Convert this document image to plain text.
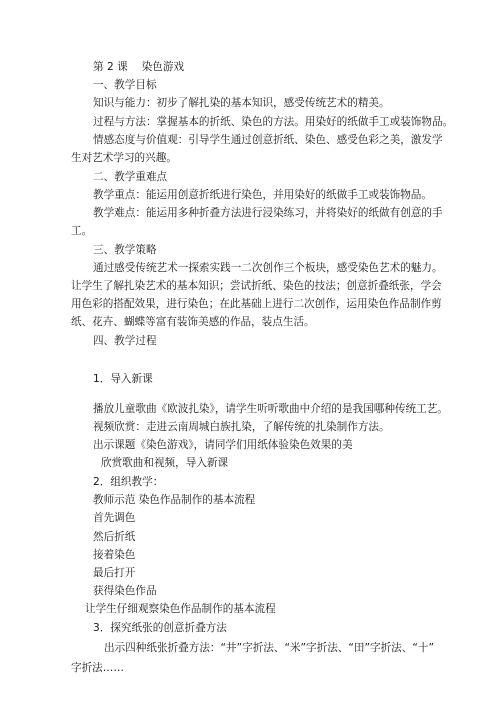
第 2 课 染色游戏
一、教学目标
知识与能力：初步了解扎染的基本知识，感受传统艺术的精美。
过程与方法：掌握基本的折纸、染色的方法。用染好的纸做手工或装饰物品。
情感态度与价值观：引导学生通过创意折纸、染色、感受色彩之美，激发学
生对艺术学习的兴趣。
二、教学重难点
教学重点：能运用创意折纸进行染色，并用染好的纸做手工或装饰物品。
教学难点：能运用多种折叠方法进行浸染练习，并将染好的纸做有创意的手
工。
三、教学策略
通过感受传统艺术一探索实践一二次创作三个板块，感受染色艺术的魅力。
让学生了解扎染艺术的基本知识；尝试折纸、染色的技法；创意折叠纸张，学会
用色彩的搭配效果，进行染色；在此基础上进行二次创作，运用染色作品制作剪
纸、花卉、蝴蝶等富有装饰美感的作品，装点生活。
四、教学过程
1．导入新课
播放儿童歌曲《欧波扎染》，请学生听听歌曲中介绍的是我国哪种传统工艺。
视频欣赏：走进云南周城白族扎染，了解传统的扎染制作方法。
出示课题《染色游戏》，请同学们用纸体验染色效果的美
欣赏歌曲和视频，导入新课
2．组织教学：
教师示范 染色作品制作的基本流程
首先调色
然后折纸
接着染色
最后打开
获得染色作品
让学生仔细观察染色作品制作的基本流程
3．探究纸张的创意折叠方法
出示四种纸张折叠方法：“井”字折法、“米”字折法、“田”字折法、“十”
字折法……
